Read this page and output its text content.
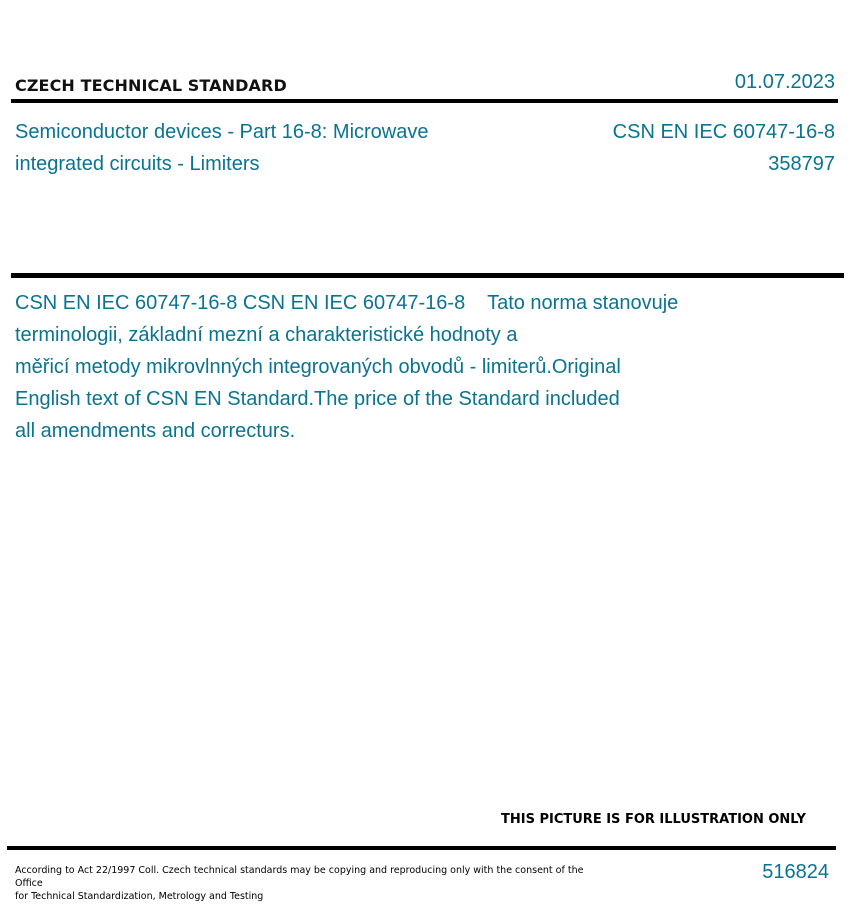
CZECH TECHNICAL STANDARD	01.07.2023
Semiconductor devices - Part 16-8: Microwave
integrated circuits - Limiters
CSN EN IEC 60747-16-8
358797
CSN EN IEC 60747-16-8 CSN EN IEC 60747-16-8    Tato norma stanovuje
terminologii, základní mezní a charakteristické hodnoty a
měřicí metody mikrovlnných integrovaných obvodů - limiterů.Original
English text of CSN EN Standard.The price of the Standard included
all amendments and correcturs.
THIS PICTURE IS FOR ILLUSTRATION ONLY
According to Act 22/1997 Coll. Czech technical standards may be copying and reproducing only with the consent of the Office
for Technical Standardization, Metrology and Testing
516824
